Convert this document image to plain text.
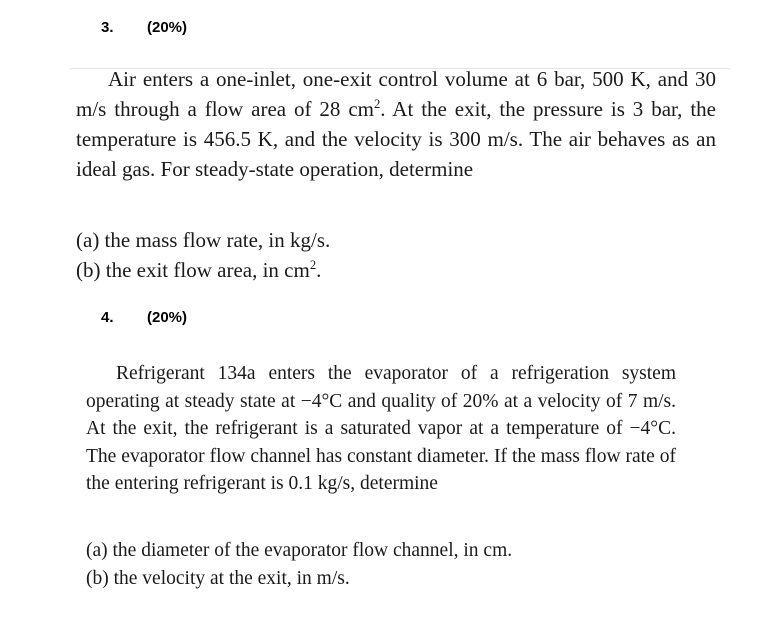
3. (20%)
Air enters a one-inlet, one-exit control volume at 6 bar, 500 K, and 30 m/s through a flow area of 28 $cm^2$. At the exit, the pressure is 3 bar, the temperature is 456.5 K, and the velocity is 300 m/s. The air behaves as an ideal gas. For steady-state operation, determine
(a) the mass flow rate, in kg/s.
(b) the exit flow area, in $cm^2$.
4. (20%)
Refrigerant 134a enters the evaporator of a refrigeration system operating at steady state at −4°C and quality of 20% at a velocity of 7 m/s. At the exit, the refrigerant is a saturated vapor at a temperature of −4°C. The evaporator flow channel has constant diameter. If the mass flow rate of the entering refrigerant is 0.1 kg/s, determine
(a) the diameter of the evaporator flow channel, in cm.
(b) the velocity at the exit, in m/s.
